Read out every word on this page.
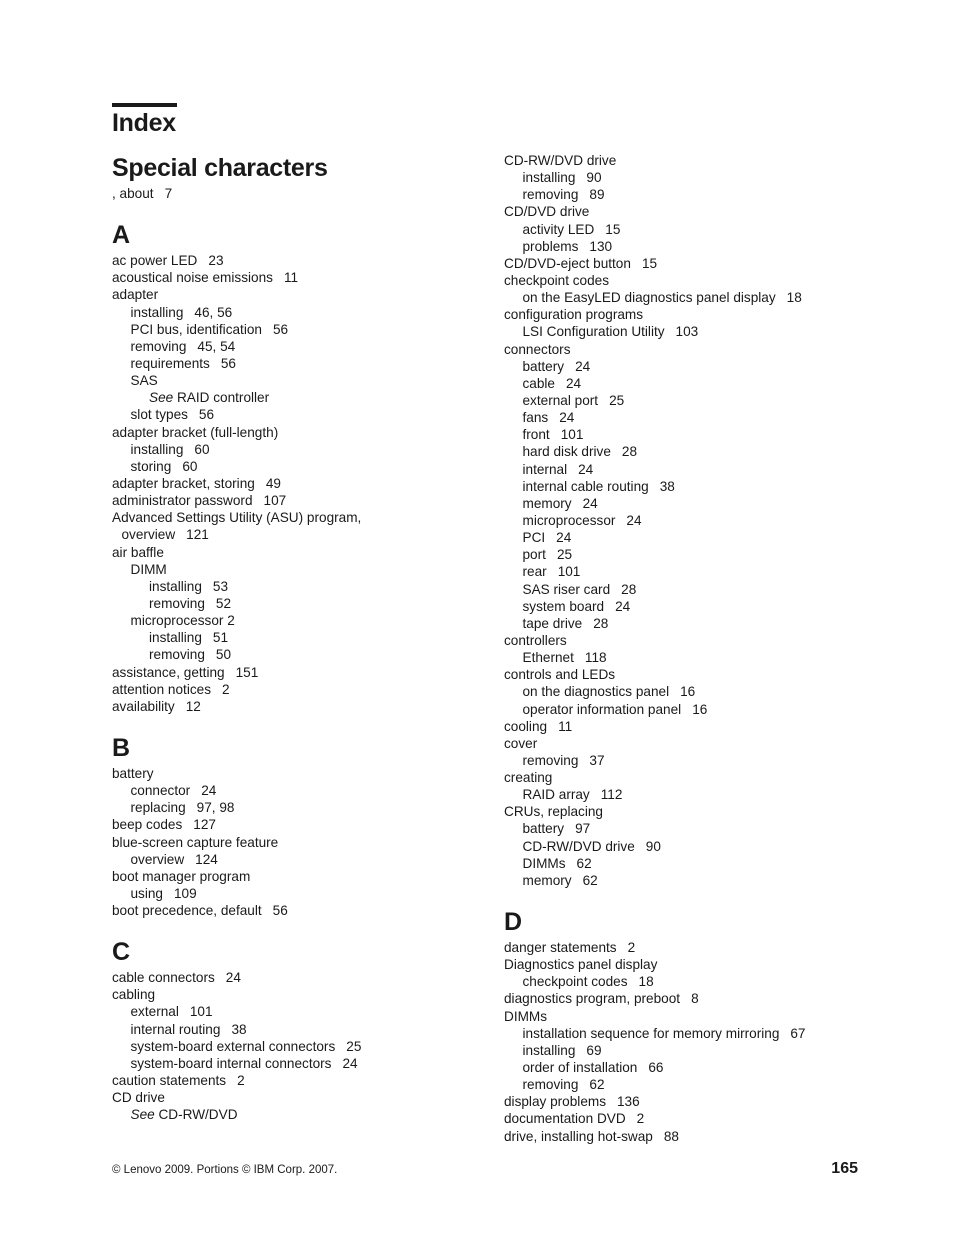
Index
Special characters
, about 7
A
ac power LED 23
acoustical noise emissions 11
adapter
installing 46, 56
PCI bus, identification 56
removing 45, 54
requirements 56
SAS
See RAID controller
slot types 56
adapter bracket (full-length)
installing 60
storing 60
adapter bracket, storing 49
administrator password 107
Advanced Settings Utility (ASU) program,
overview 121
air baffle
DIMM
installing 53
removing 52
microprocessor 2
installing 51
removing 50
assistance, getting 151
attention notices 2
availability 12
B
battery
connector 24
replacing 97, 98
beep codes 127
blue-screen capture feature
overview 124
boot manager program
using 109
boot precedence, default 56
C
cable connectors 24
cabling
external 101
internal routing 38
system-board external connectors 25
system-board internal connectors 24
caution statements 2
CD drive
See CD-RW/DVD
CD-RW/DVD drive
installing 90
removing 89
CD/DVD drive
activity LED 15
problems 130
CD/DVD-eject button 15
checkpoint codes
on the EasyLED diagnostics panel display 18
configuration programs
LSI Configuration Utility 103
connectors
battery 24
cable 24
external port 25
fans 24
front 101
hard disk drive 28
internal 24
internal cable routing 38
memory 24
microprocessor 24
PCI 24
port 25
rear 101
SAS riser card 28
system board 24
tape drive 28
controllers
Ethernet 118
controls and LEDs
on the diagnostics panel 16
operator information panel 16
cooling 11
cover
removing 37
creating
RAID array 112
CRUs, replacing
battery 97
CD-RW/DVD drive 90
DIMMs 62
memory 62
D
danger statements 2
Diagnostics panel display
checkpoint codes 18
diagnostics program, preboot 8
DIMMs
installation sequence for memory mirroring 67
installing 69
order of installation 66
removing 62
display problems 136
documentation DVD 2
drive, installing hot-swap 88
© Lenovo 2009. Portions © IBM Corp. 2007.	165
